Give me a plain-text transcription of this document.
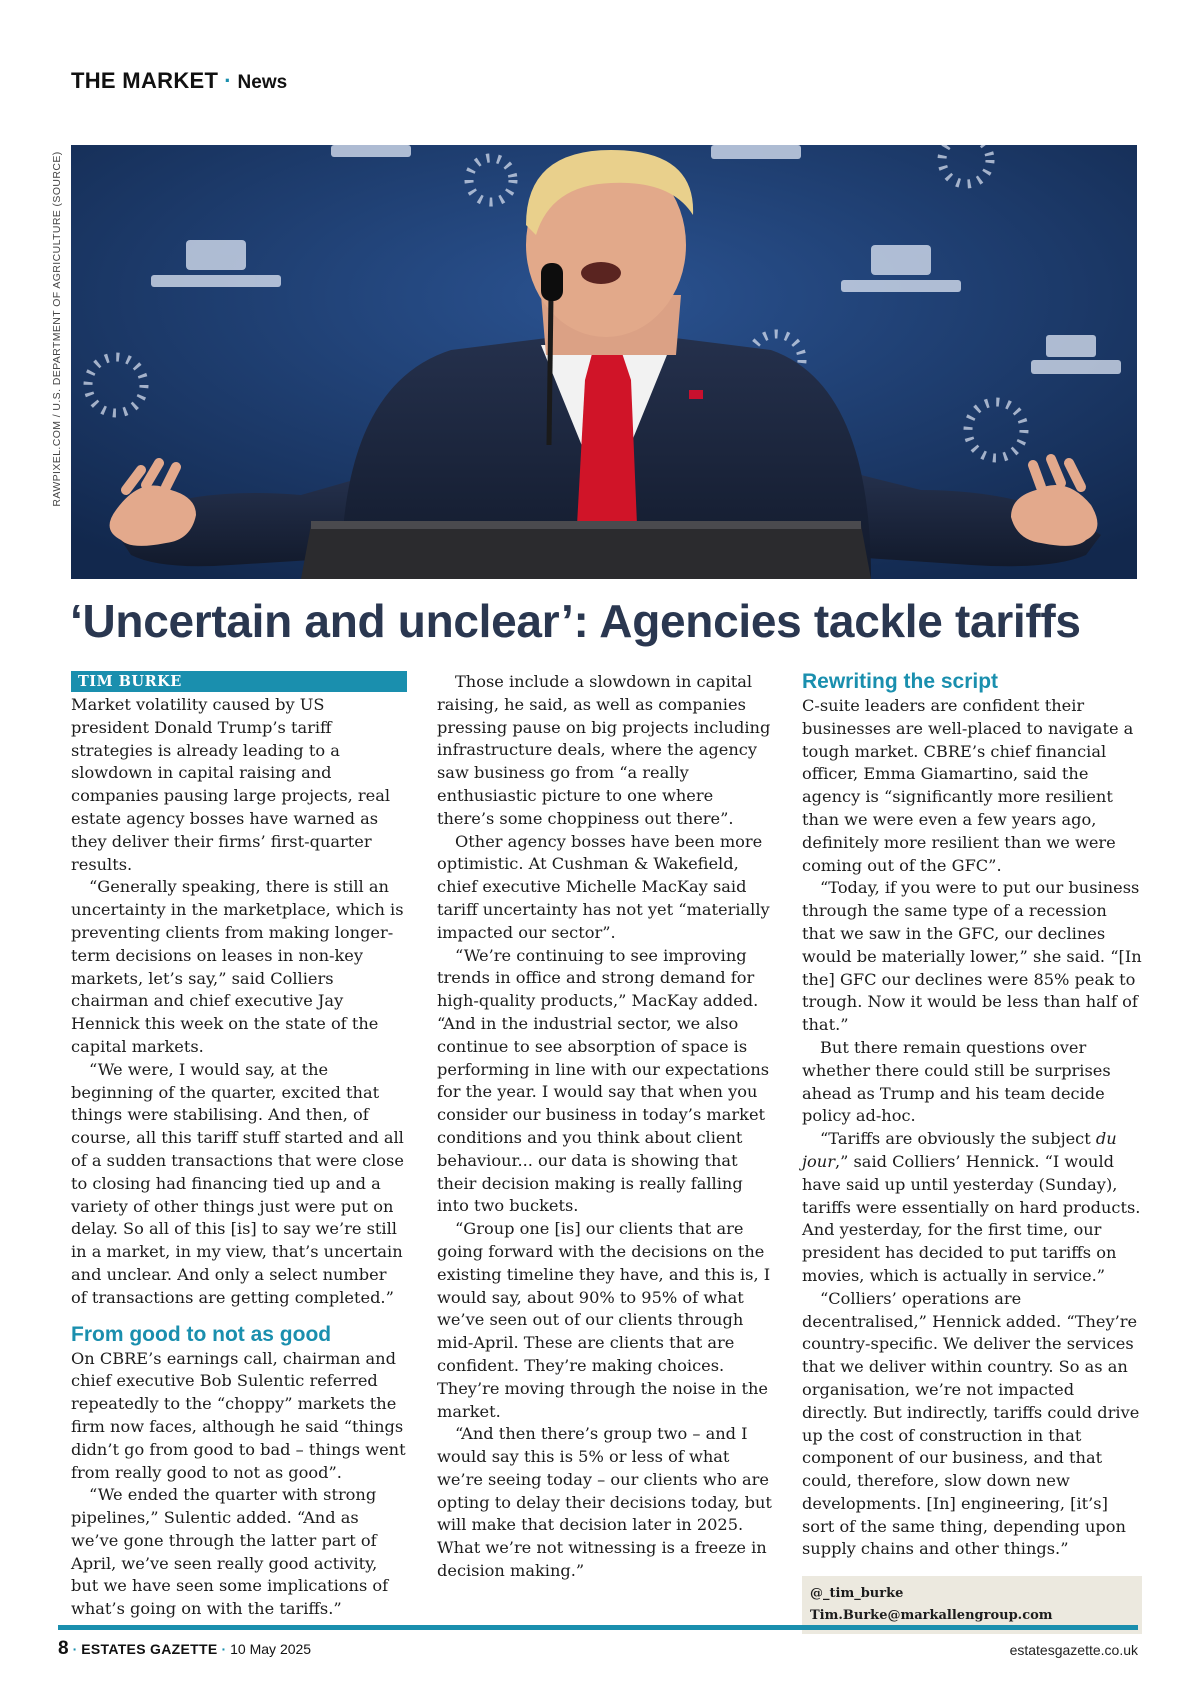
THE MARKET · News
RAWPIXEL.COM / U.S. DEPARTMENT OF AGRICULTURE (SOURCE)
‘Uncertain and unclear’: Agencies tackle tariffs
TIM BURKE

Market volatility caused by US president Donald Trump’s tariff strategies is already leading to a slowdown in capital raising and companies pausing large projects, real estate agency bosses have warned as they deliver their firms’ first-quarter results.

“Generally speaking, there is still an uncertainty in the marketplace, which is preventing clients from making longer-term decisions on leases in non-key markets, let’s say,” said Colliers chairman and chief executive Jay Hennick this week on the state of the capital markets.

“We were, I would say, at the beginning of the quarter, excited that things were stabilising. And then, of course, all this tariff stuff started and all of a sudden transactions that were close to closing had financing tied up and a variety of other things just were put on delay. So all of this [is] to say we’re still in a market, in my view, that’s uncertain and unclear. And only a select number of transactions are getting completed.”

From good to not as good

On CBRE’s earnings call, chairman and chief executive Bob Sulentic referred repeatedly to the “choppy” markets the firm now faces, although he said “things didn’t go from good to bad – things went from really good to not as good”.

“We ended the quarter with strong pipelines,” Sulentic added. “And as we’ve gone through the latter part of April, we’ve seen really good activity, but we have seen some implications of what’s going on with the tariffs.”

Those include a slowdown in capital raising, he said, as well as companies pressing pause on big projects including infrastructure deals, where the agency saw business go from “a really enthusiastic picture to one where there’s some choppiness out there”.

Other agency bosses have been more optimistic. At Cushman & Wakefield, chief executive Michelle MacKay said tariff uncertainty has not yet “materially impacted our sector”.

“We’re continuing to see improving trends in office and strong demand for high-quality products,” MacKay added. “And in the industrial sector, we also continue to see absorption of space is performing in line with our expectations for the year. I would say that when you consider our business in today’s market conditions and you think about client behaviour... our data is showing that their decision making is really falling into two buckets.

“Group one [is] our clients that are going forward with the decisions on the existing timeline they have, and this is, I would say, about 90% to 95% of what we’ve seen out of our clients through mid-April. These are clients that are confident. They’re making choices. They’re moving through the noise in the market.

“And then there’s group two – and I would say this is 5% or less of what we’re seeing today – our clients who are opting to delay their decisions today, but will make that decision later in 2025. What we’re not witnessing is a freeze in decision making.”

Rewriting the script

C-suite leaders are confident their businesses are well-placed to navigate a tough market. CBRE’s chief financial officer, Emma Giamartino, said the agency is “significantly more resilient than we were even a few years ago, definitely more resilient than we were coming out of the GFC”.

“Today, if you were to put our business through the same type of a recession that we saw in the GFC, our declines would be materially lower,” she said. “[In the] GFC our declines were 85% peak to trough. Now it would be less than half of that.”

But there remain questions over whether there could still be surprises ahead as Trump and his team decide policy ad-hoc.

“Tariffs are obviously the subject du jour,” said Colliers’ Hennick. “I would have said up until yesterday (Sunday), tariffs were essentially on hard products. And yesterday, for the first time, our president has decided to put tariffs on movies, which is actually in service.”

“Colliers’ operations are decentralised,” Hennick added. “They’re country-specific. We deliver the services that we deliver within country. So as an organisation, we’re not impacted directly. But indirectly, tariffs could drive up the cost of construction in that component of our business, and that could, therefore, slow down new developments. [In] engineering, [it’s] sort of the same thing, depending upon supply chains and other things.”

@_tim_burke
Tim.Burke@markallengroup.com
8 · ESTATES GAZETTE · 10 May 2025	estatesgazette.co.uk
